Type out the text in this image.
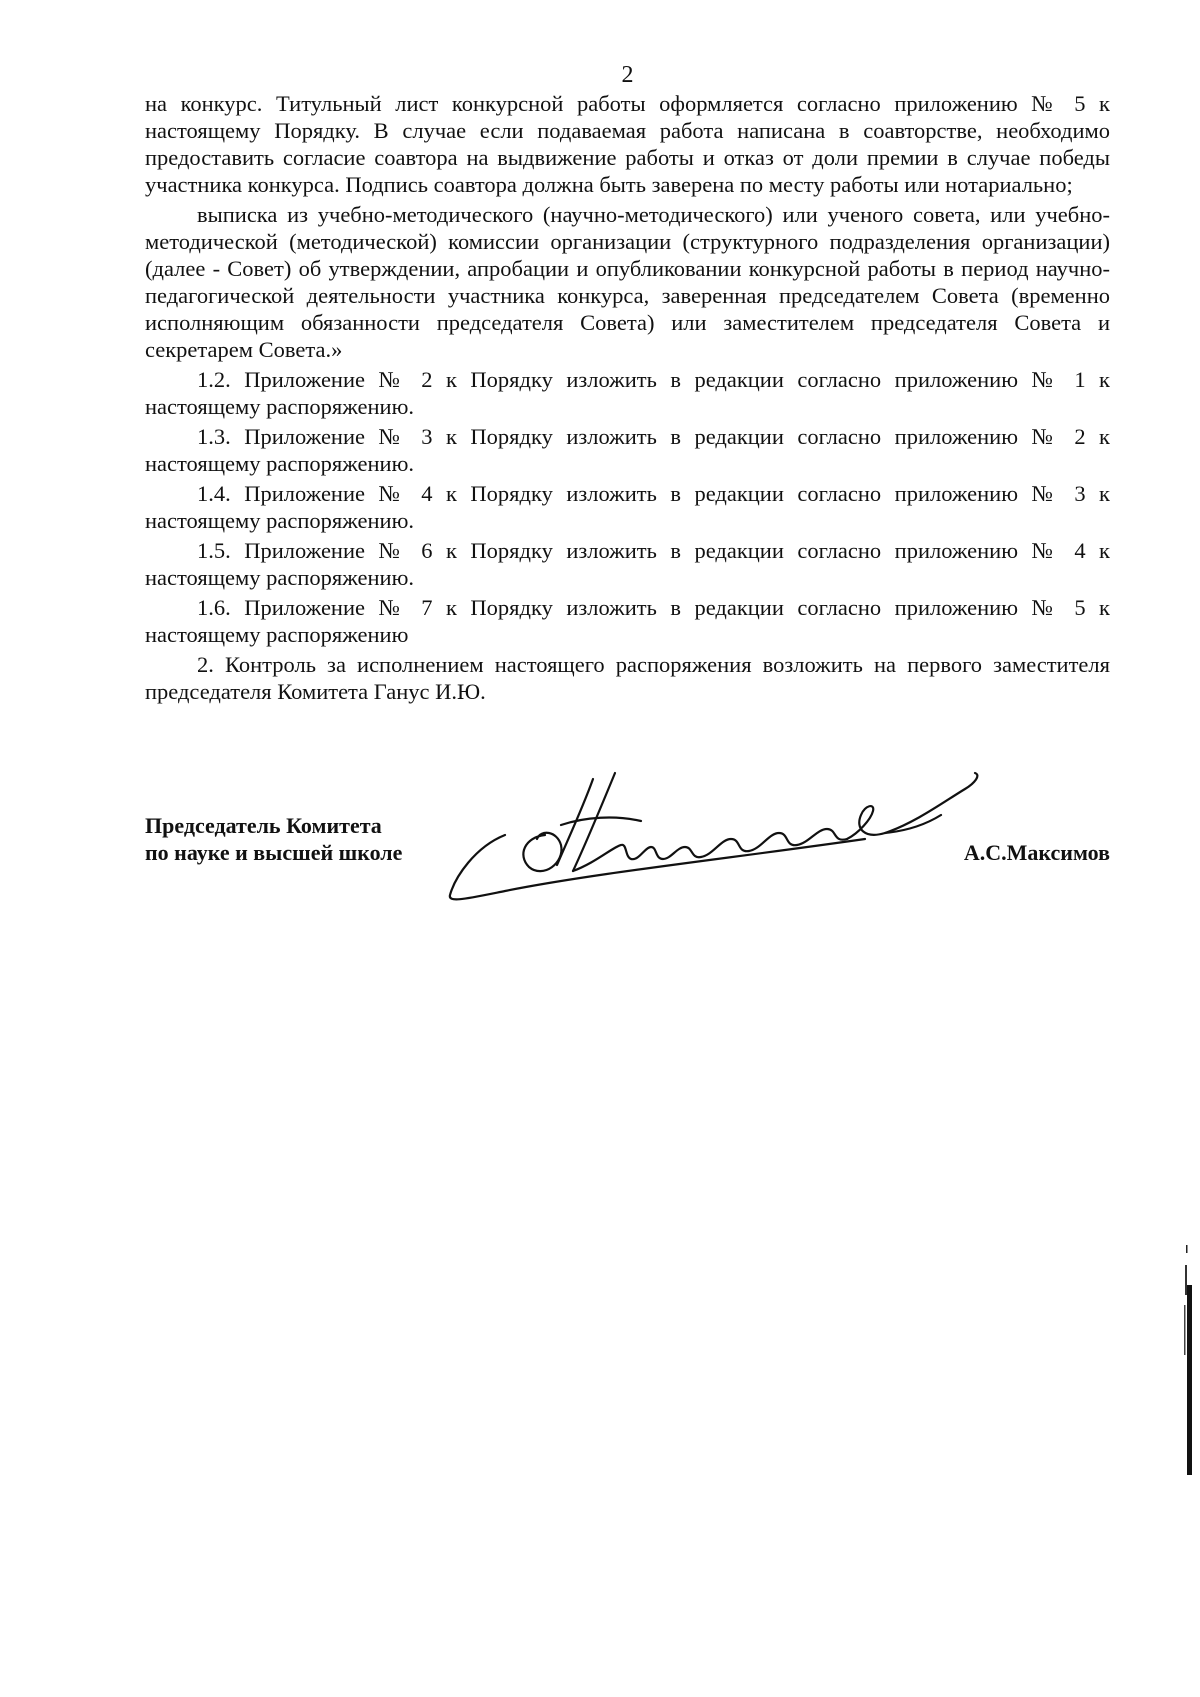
2

на конкурс. Титульный лист конкурсной работы оформляется согласно приложению № 5 к настоящему Порядку. В случае если подаваемая работа написана в соавторстве, необходимо предоставить согласие соавтора на выдвижение работы и отказ от доли премии в случае победы участника конкурса. Подпись соавтора должна быть заверена по месту работы или нотариально;

выписка из учебно-методического (научно-методического) или ученого совета, или учебно-методической (методической) комиссии организации (структурного подразделения организации) (далее - Совет) об утверждении, апробации и опубликовании конкурсной работы в период научно-педагогической деятельности участника конкурса, заверенная председателем Совета (временно исполняющим обязанности председателя Совета) или заместителем председателя Совета и секретарем Совета.»

1.2. Приложение № 2 к Порядку изложить в редакции согласно приложению № 1 к настоящему распоряжению.

1.3. Приложение № 3 к Порядку изложить в редакции согласно приложению № 2 к настоящему распоряжению.

1.4. Приложение № 4 к Порядку изложить в редакции согласно приложению № 3 к настоящему распоряжению.

1.5. Приложение № 6 к Порядку изложить в редакции согласно приложению № 4 к настоящему распоряжению.

1.6. Приложение № 7 к Порядку изложить в редакции согласно приложению № 5 к настоящему распоряжению

2. Контроль за исполнением настоящего распоряжения возложить на первого заместителя председателя Комитета Ганус И.Ю.

Председатель Комитета
по науке и высшей школе	А.С.Максимов
